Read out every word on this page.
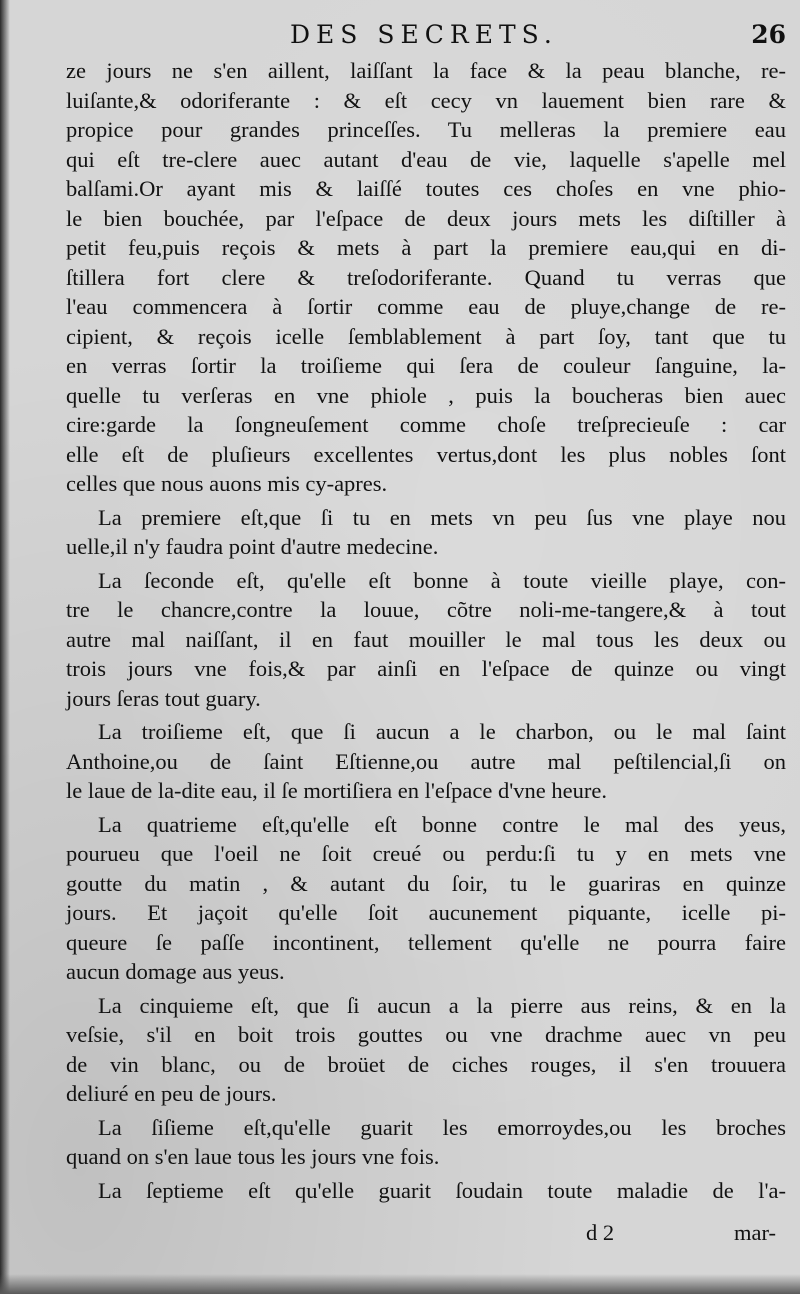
DES SECRETS.	26
ze jours ne s'en aillent, laiſſant la face & la peau blanche, re-
luiſante,& odoriferante : & eſt cecy vn lauement bien rare &
propice pour grandes princeſſes. Tu melleras la premiere eau
qui eſt tre-clere auec autant d'eau de vie, laquelle s'apelle mel
balſami.Or ayant mis & laiſſé toutes ces choſes en vne phio-
le bien bouchée, par l'eſpace de deux jours mets les diſtiller à
petit feu,puis reçois & mets à part la premiere eau,qui en di-
ſtillera fort clere & treſodoriferante. Quand tu verras que
l'eau commencera à ſortir comme eau de pluye,change de re-
cipient, & reçois icelle ſemblablement à part ſoy, tant que tu
en verras ſortir la troiſieme qui ſera de couleur ſanguine, la-
quelle tu verſeras en vne phiole , puis la boucheras bien auec
cire:garde la ſongneuſement comme choſe treſprecieuſe : car
elle eſt de pluſieurs excellentes vertus,dont les plus nobles ſont
celles que nous auons mis cy-apres.
La premiere eſt,que ſi tu en mets vn peu ſus vne playe nou
uelle,il n'y faudra point d'autre medecine.
La ſeconde eſt, qu'elle eſt bonne à toute vieille playe, con-
tre le chancre,contre la louue, cõtre noli-me-tangere,& à tout
autre mal naiſſant, il en faut mouiller le mal tous les deux ou
trois jours vne fois,& par ainſi en l'eſpace de quinze ou vingt
jours ſeras tout guary.
La troiſieme eſt, que ſi aucun a le charbon, ou le mal ſaint
Anthoine,ou de ſaint Eſtienne,ou autre mal peſtilencial,ſi on
le laue de la-dite eau, il ſe mortiſiera en l'eſpace d'vne heure.
La quatrieme eſt,qu'elle eſt bonne contre le mal des yeus,
pourueu que l'oeil ne ſoit creué ou perdu:ſi tu y en mets vne
goutte du matin , & autant du ſoir, tu le guariras en quinze
jours. Et jaçoit qu'elle ſoit aucunement piquante, icelle pi-
queure ſe paſſe incontinent, tellement qu'elle ne pourra faire
aucun domage aus yeus.
La cinquieme eſt, que ſi aucun a la pierre aus reins, & en la
veſsie, s'il en boit trois gouttes ou vne drachme auec vn peu
de vin blanc, ou de broüet de ciches rouges, il s'en trouuera
deliuré en peu de jours.
La ſiſieme eſt,qu'elle guarit les emorroydes,ou les broches
quand on s'en laue tous les jours vne fois.
La ſeptieme eſt qu'elle guarit ſoudain toute maladie de l'a-
d 2	mar-
